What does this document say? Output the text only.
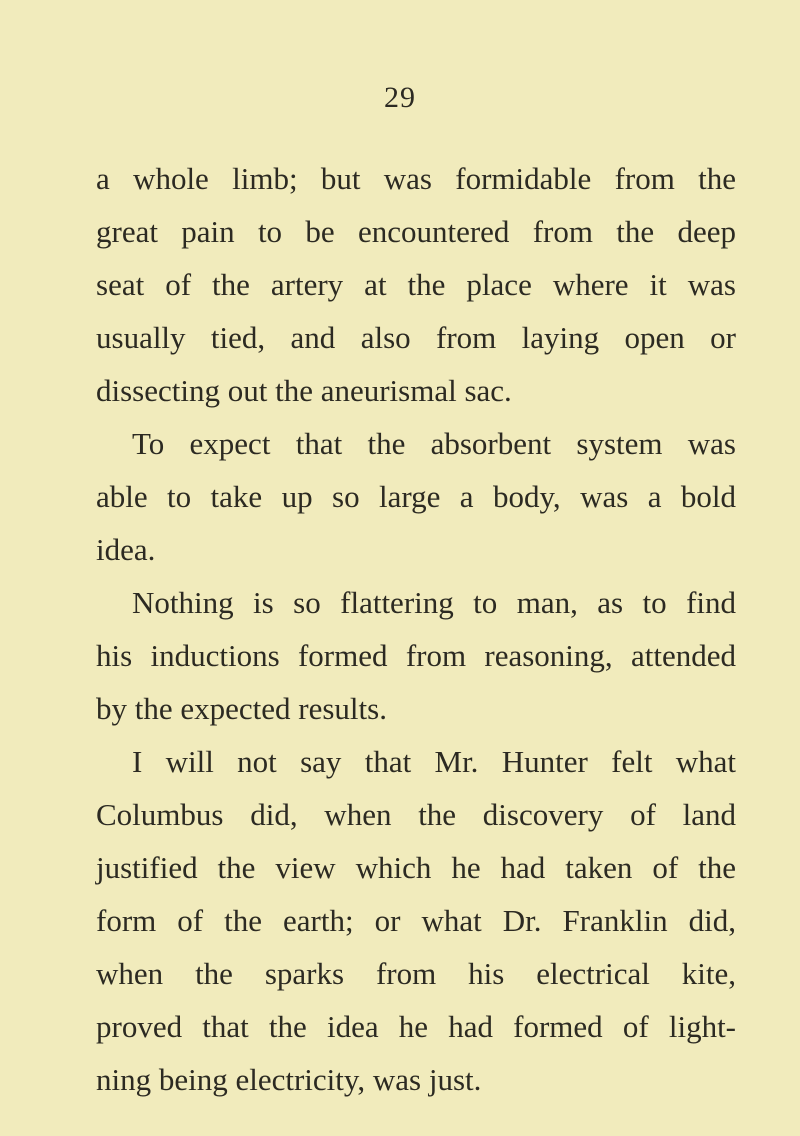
29
a whole limb; but was formidable from the
great pain to be encountered from the deep
seat of the artery at the place where it was
usually tied, and also from laying open or
dissecting out the aneurismal sac.
To expect that the absorbent system was
able to take up so large a body, was a bold
idea.
Nothing is so flattering to man, as to find
his inductions formed from reasoning, attended
by the expected results.
I will not say that Mr. Hunter felt what
Columbus did, when the discovery of land
justified the view which he had taken of the
form of the earth; or what Dr. Franklin did,
when the sparks from his electrical kite,
proved that the idea he had formed of light-
ning being electricity, was just.
